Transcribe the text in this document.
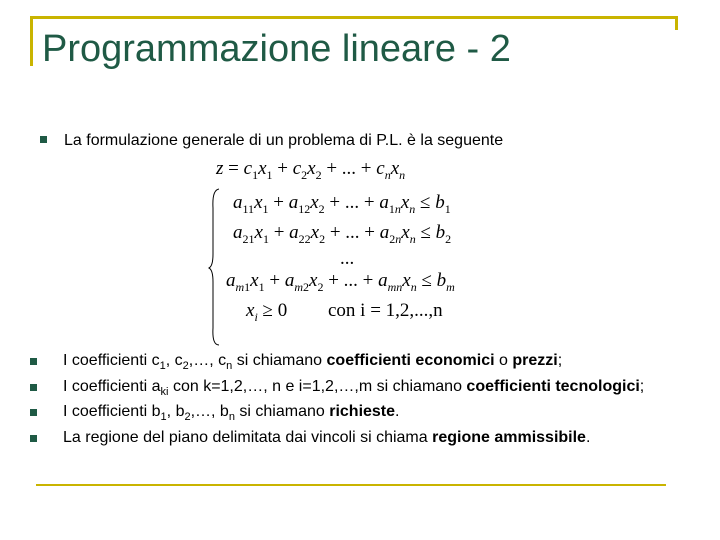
Programmazione lineare - 2
La formulazione generale di un problema di P.L. è la seguente
$z = c_1x_1 + c_2x_2$ + ... + $c_nx_n$
$a_{11}x_1 + a_{12}x_2$ + ... + $a_{1n}x_n \le b_1$
$a_{21}x_1 + a_{22}x_2$ + ... + $a_{2n}x_n \le b_2$
...
$a_{m1}x_1 + a_{m2}x_2$ + ... + $a_{mn}x_n \le b_m$
$x_i \ge 0$ con i = 1,2,...,n
I coefficienti $c_1$, $c_2,\dots$, $c_n$ si chiamano coefficienti economici o prezzi;
I coefficienti $a_{ki}$ con k=1,2,…, n e i=1,2,…,m si chiamano coefficienti tecnologici;
I coefficienti $b_1$, $b_2,\dots$, $b_n$ si chiamano richieste.
La regione del piano delimitata dai vincoli si chiama regione ammissibile.
